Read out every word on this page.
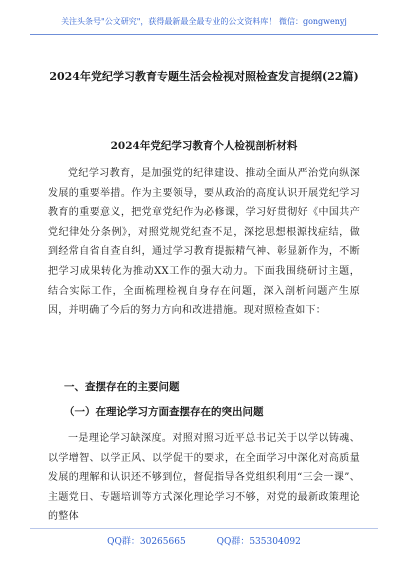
关注头条号"公文研究"，获得最新最全最专业的公文资料库！ 微信：gongwenyj
2024年党纪学习教育专题生活会检视对照检查发言提纲(22篇)
2024年党纪学习教育个人检视剖析材料

党纪学习教育，是加强党的纪律建设、推动全面从严治党向纵深发展的重要举措。作为主要领导，要从政治的高度认识开展党纪学习教育的重要意义，把党章党纪作为必修课，学习好贯彻好《中国共产党纪律处分条例》，对照党规党纪查不足，深挖思想根源找症结，做到经常自省自查自纠，通过学习教育提振精气神、彰显新作为，不断把学习成果转化为推动XX工作的强大动力。下面我围绕研讨主题，结合实际工作，全面梳理检视自身存在问题，深入剖析问题产生原因，并明确了今后的努力方向和改进措施。现对照检查如下：

一、查摆存在的主要问题
（一）在理论学习方面查摆存在的突出问题

一是理论学习缺深度。对照对照习近平总书记关于以学以铸魂、以学增智、以学正风、以学促干的要求，在全面学习中深化对高质量发展的理解和认识还不够到位，督促指导各党组织利用“三会一课”、主题党日、专题培训等方式深化理论学习不够，对党的最新政策理论的整体

QQ群：30265665	QQ群：535304092
